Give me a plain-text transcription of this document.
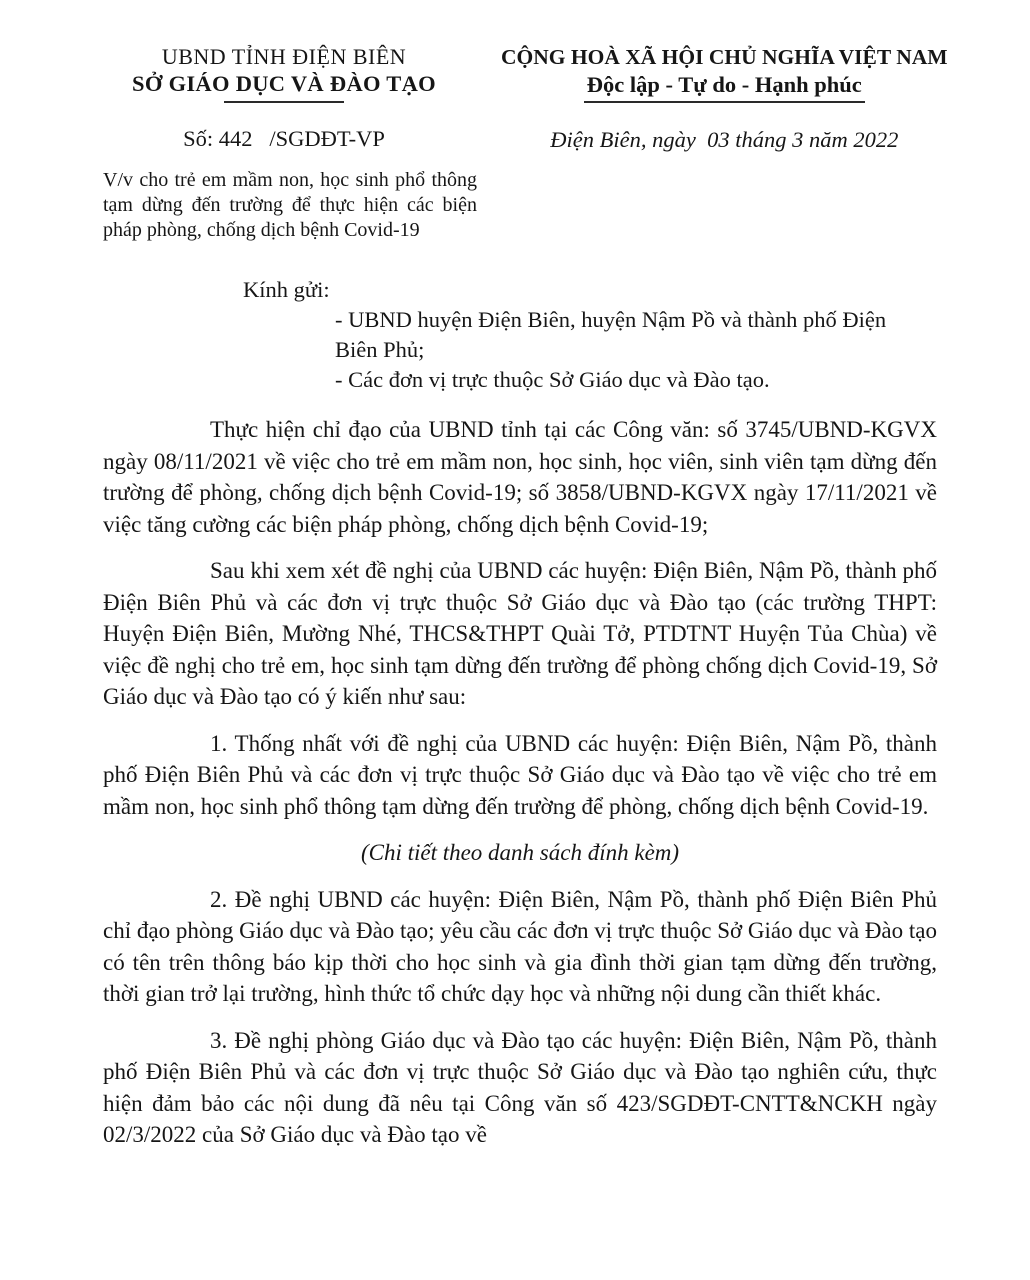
UBND TỈNH ĐIỆN BIÊN
SỞ GIÁO DỤC VÀ ĐÀO TẠO
Số: 442   /SGDĐT-VP
V/v cho trẻ em mầm non, học sinh phổ thông tạm dừng đến trường để thực hiện các biện pháp phòng, chống dịch bệnh Covid-19
CỘNG HOÀ XÃ HỘI CHỦ NGHĨA VIỆT NAM
Độc lập - Tự do - Hạnh phúc
Điện Biên, ngày  03 tháng 3 năm 2022
Kính gửi:
- UBND huyện Điện Biên, huyện Nậm Pồ và thành phố Điện Biên Phủ;
- Các đơn vị trực thuộc Sở Giáo dục và Đào tạo.
Thực hiện chỉ đạo của UBND tỉnh tại các Công văn: số 3745/UBND-KGVX ngày 08/11/2021 về việc cho trẻ em mầm non, học sinh, học viên, sinh viên tạm dừng đến trường để phòng, chống dịch bệnh Covid-19; số 3858/UBND-KGVX ngày 17/11/2021 về việc tăng cường các biện pháp phòng, chống dịch bệnh Covid-19;
Sau khi xem xét đề nghị của UBND các huyện: Điện Biên, Nậm Pồ, thành phố Điện Biên Phủ và các đơn vị trực thuộc Sở Giáo dục và Đào tạo (các trường THPT: Huyện Điện Biên, Mường Nhé, THCS&THPT Quài Tở, PTDTNT Huyện Tủa Chùa) về việc đề nghị cho trẻ em, học sinh tạm dừng đến trường để phòng chống dịch Covid-19, Sở Giáo dục và Đào tạo có ý kiến như sau:
1. Thống nhất với đề nghị của UBND các huyện: Điện Biên, Nậm Pồ, thành phố Điện Biên Phủ và các đơn vị trực thuộc Sở Giáo dục và Đào tạo về việc cho trẻ em mầm non, học sinh phổ thông tạm dừng đến trường để phòng, chống dịch bệnh Covid-19.
(Chi tiết theo danh sách đính kèm)
2. Đề nghị UBND các huyện: Điện Biên, Nậm Pồ, thành phố Điện Biên Phủ chỉ đạo phòng Giáo dục và Đào tạo; yêu cầu các đơn vị trực thuộc Sở Giáo dục và Đào tạo có tên trên thông báo kịp thời cho học sinh và gia đình thời gian tạm dừng đến trường, thời gian trở lại trường, hình thức tổ chức dạy học và những nội dung cần thiết khác.
3. Đề nghị phòng Giáo dục và Đào tạo các huyện: Điện Biên, Nậm Pồ, thành phố Điện Biên Phủ và các đơn vị trực thuộc Sở Giáo dục và Đào tạo nghiên cứu, thực hiện đảm bảo các nội dung đã nêu tại Công văn số 423/SGDĐT-CNTT&NCKH ngày 02/3/2022 của Sở Giáo dục và Đào tạo về
